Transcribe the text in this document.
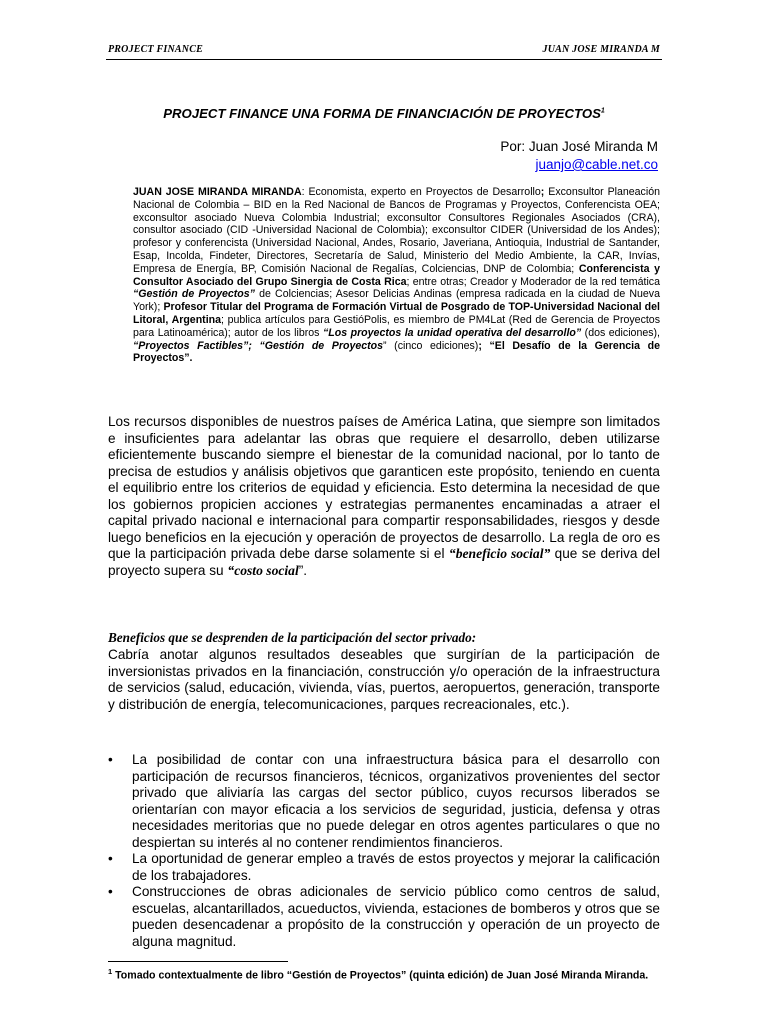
PROJECT FINANCE	JUAN JOSE MIRANDA M
PROJECT FINANCE UNA FORMA DE FINANCIACIÓN DE PROYECTOS$^1$
Por: Juan José Miranda M
juanjo@cable.net.co
JUAN JOSE MIRANDA MIRANDA: Economista, experto en Proyectos de Desarrollo; Exconsultor Planeación Nacional de Colombia – BID en la Red Nacional de Bancos de Programas y Proyectos, Conferencista OEA; exconsultor asociado Nueva Colombia Industrial; exconsultor Consultores Regionales Asociados (CRA), consultor asociado (CID -Universidad Nacional de Colombia); exconsultor CIDER (Universidad de los Andes); profesor y conferencista (Universidad Nacional, Andes, Rosario, Javeriana, Antioquia, Industrial de Santander, Esap, Incolda, Findeter, Directores, Secretaría de Salud, Ministerio del Medio Ambiente, la CAR, Invías, Empresa de Energía, BP, Comisión Nacional de Regalías, Colciencias, DNP de Colombia; Conferencista y Consultor Asociado del Grupo Sinergia de Costa Rica; entre otras; Creador y Moderador de la red temática “Gestión de Proyectos” de Colciencias; Asesor Delicias Andinas (empresa radicada en la ciudad de Nueva York); Profesor Titular del Programa de Formación Virtual de Posgrado de TOP-Universidad Nacional del Litoral, Argentina; publica artículos para GestióPolis, es miembro de PM4Lat (Red de Gerencia de Proyectos para Latinoamérica); autor de los libros “Los proyectos la unidad operativa del desarrollo” (dos ediciones), “Proyectos Factibles”; “Gestión de Proyectos” (cinco ediciones); “El Desafío de la Gerencia de Proyectos”.
Los recursos disponibles de nuestros países de América Latina, que siempre son limitados e insuficientes para adelantar las obras que requiere el desarrollo, deben utilizarse eficientemente buscando siempre el bienestar de la comunidad nacional, por lo tanto de precisa de estudios y análisis objetivos que garanticen este propósito, teniendo en cuenta el equilibrio entre los criterios de equidad y eficiencia. Esto determina la necesidad de que los gobiernos propicien acciones y estrategias permanentes encaminadas a atraer el capital privado nacional e internacional para compartir responsabilidades, riesgos y desde luego beneficios en la ejecución y operación de proyectos de desarrollo. La regla de oro es que la participación privada debe darse solamente si el “beneficio social” que se deriva del proyecto supera su “costo social”.
Beneficios que se desprenden de la participación del sector privado:
Cabría anotar algunos resultados deseables que surgirían de la participación de inversionistas privados en la financiación, construcción y/o operación de la infraestructura de servicios (salud, educación, vivienda, vías, puertos, aeropuertos, generación, transporte y distribución de energía, telecomunicaciones, parques recreacionales, etc.).
• La posibilidad de contar con una infraestructura básica para el desarrollo con participación de recursos financieros, técnicos, organizativos provenientes del sector privado que aliviaría las cargas del sector público, cuyos recursos liberados se orientarían con mayor eficacia a los servicios de seguridad, justicia, defensa y otras necesidades meritorias que no puede delegar en otros agentes particulares o que no despiertan su interés al no contener rendimientos financieros.
• La oportunidad de generar empleo a través de estos proyectos y mejorar la calificación de los trabajadores.
• Construcciones de obras adicionales de servicio público como centros de salud, escuelas, alcantarillados, acueductos, vivienda, estaciones de bomberos y otros que se pueden desencadenar a propósito de la construcción y operación de un proyecto de alguna magnitud.
$^1$ Tomado contextualmente de libro “Gestión de Proyectos” (quinta edición) de Juan José Miranda Miranda.
